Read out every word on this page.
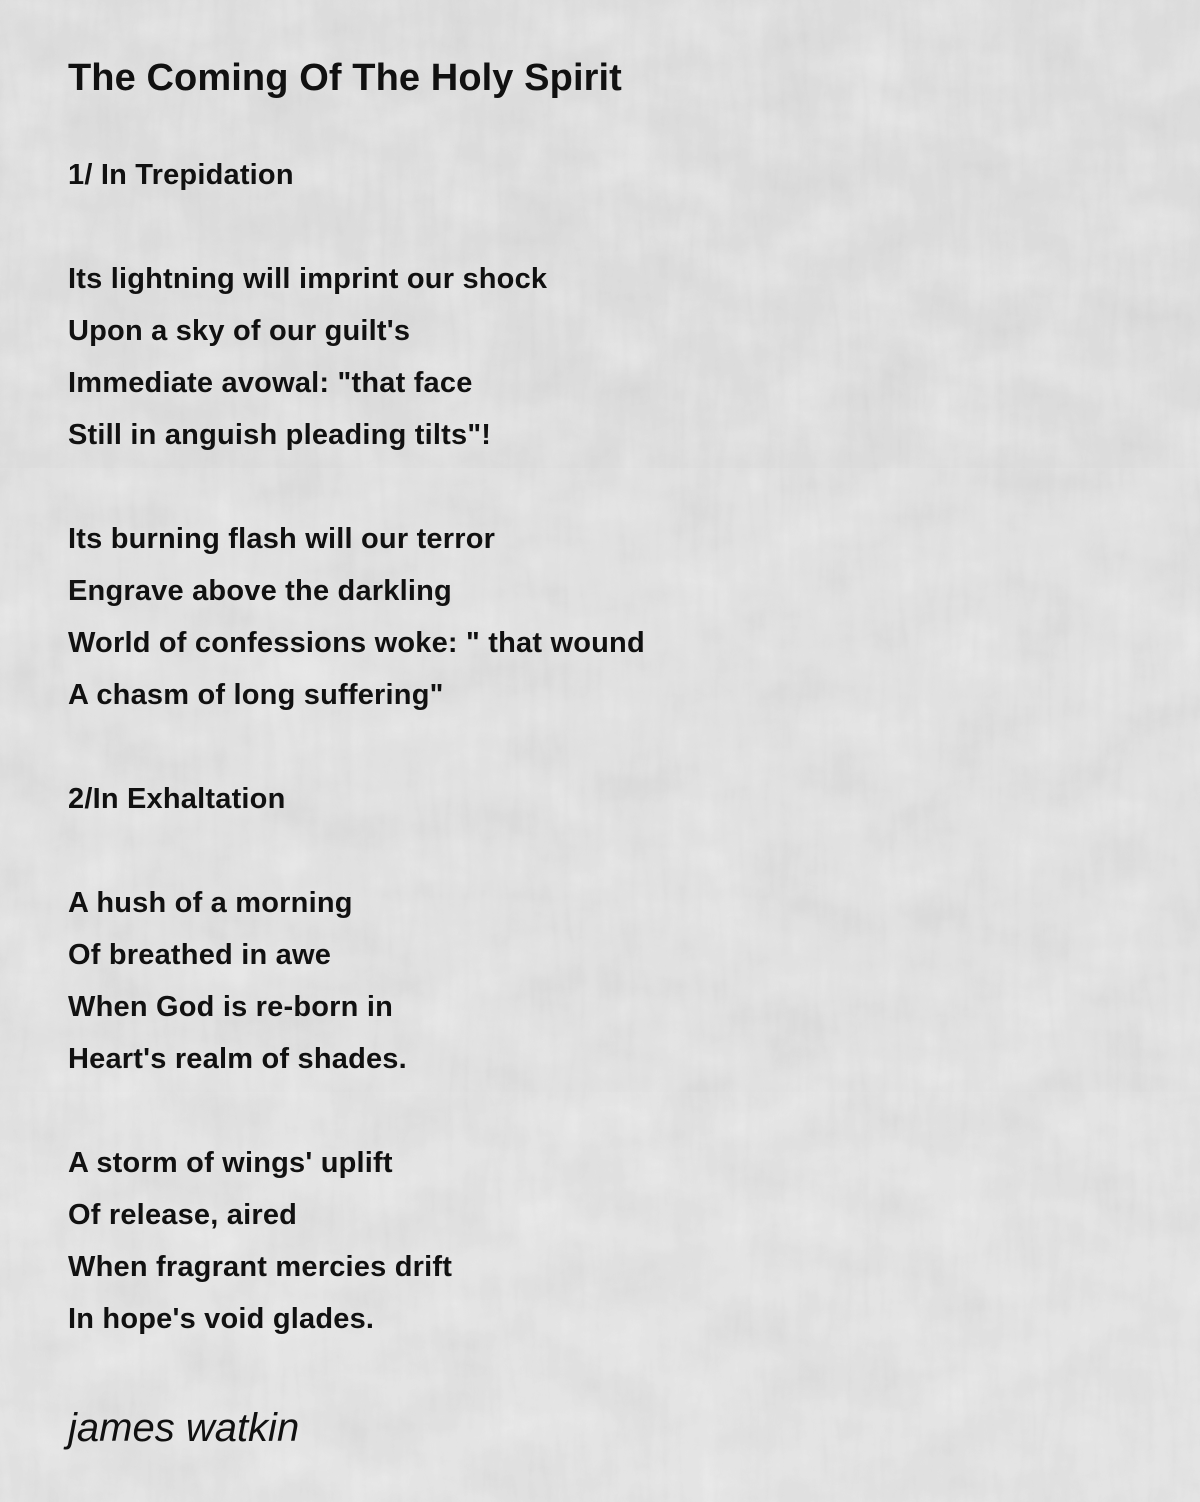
The Coming Of The Holy Spirit
1/ In Trepidation
Its lightning will imprint our shock
Upon a sky of our guilt's
Immediate avowal: "that face
Still in anguish pleading tilts"!
Its burning flash will our terror
Engrave above the darkling
World of confessions woke: " that wound
A chasm of long suffering"
2/In Exhaltation
A hush of a morning
Of breathed in awe
When God is re-born in
Heart's realm of shades.
A storm of wings' uplift
Of release, aired
When fragrant mercies drift
In hope's void glades.
james watkin
